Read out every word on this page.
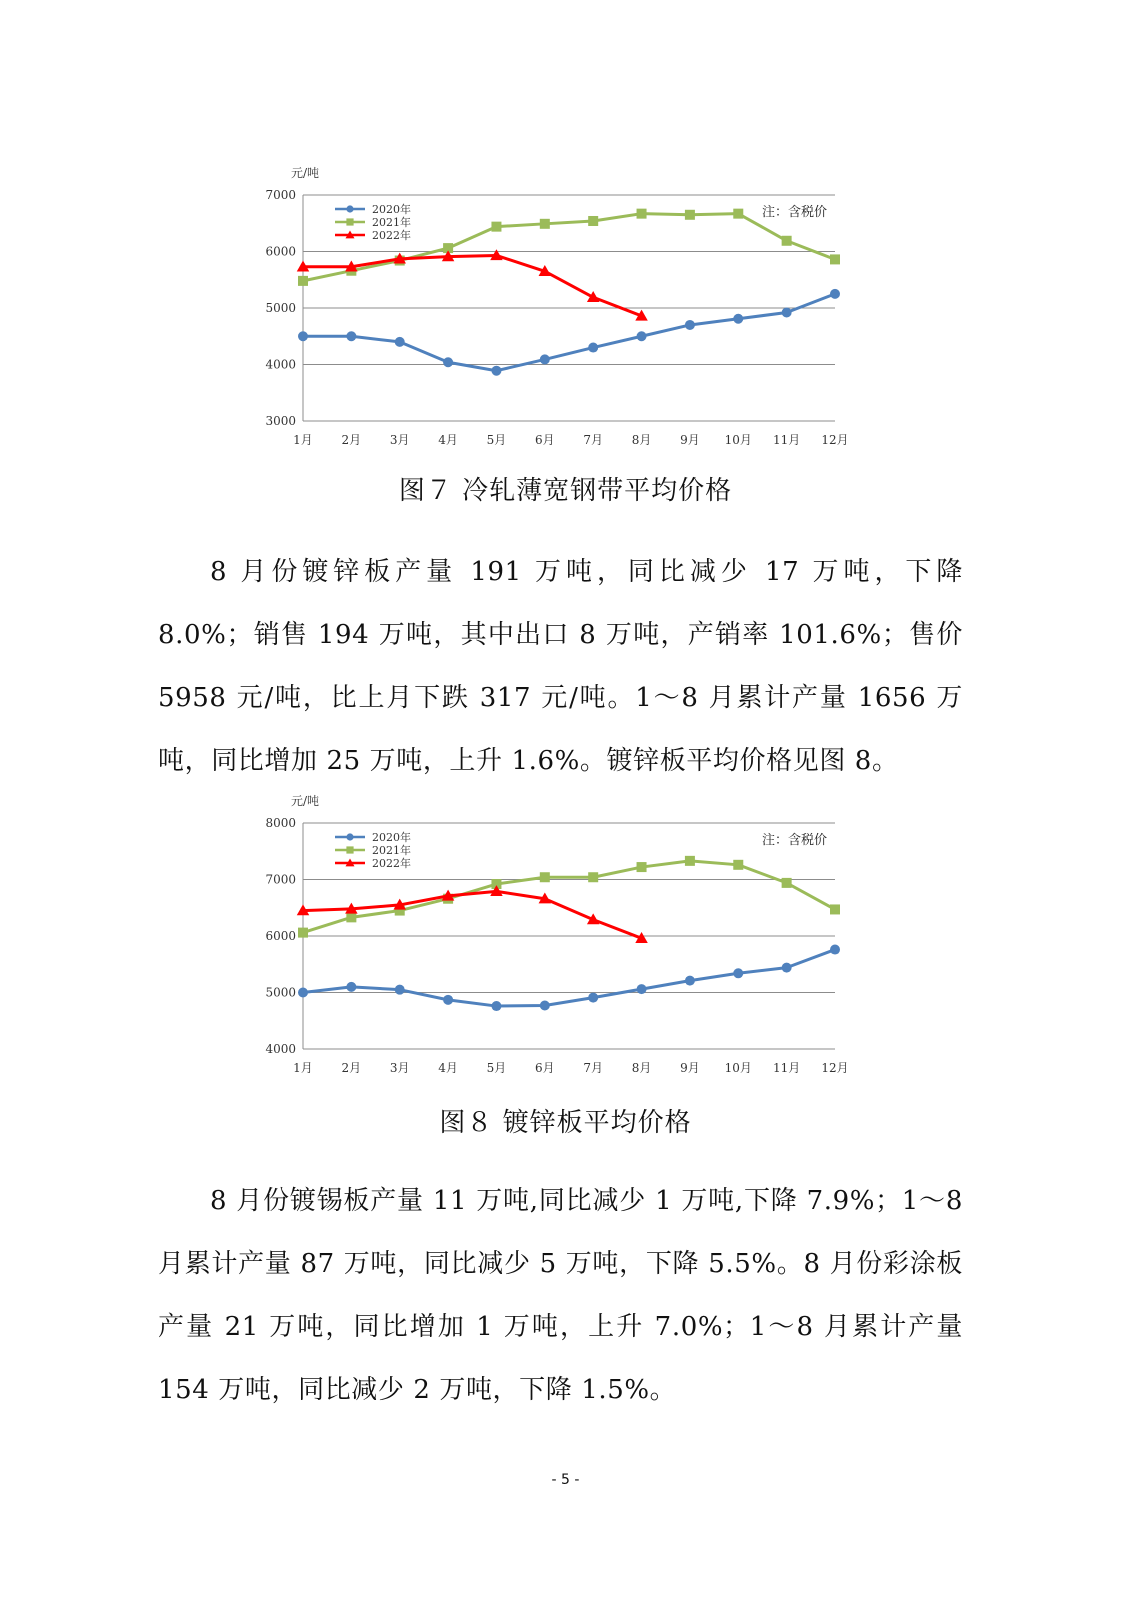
元/吨
3000
4000
5000
6000
7000
1月 2月 3月 4月 5月 6月 7月 8月 9月 10月 11月 12月
注：含税价
2020年
2021年
2022年
图７ 冷轧薄宽钢带平均价格

8 月份镀锌板产量 191 万吨，同比减少 17 万吨，下降 8.0%；销售 194 万吨，其中出口 8 万吨，产销率 101.6%；售价 5958 元/吨，比上月下跌 317 元/吨。1～8 月累计产量 1656 万吨，同比增加 25 万吨，上升 1.6%。镀锌板平均价格见图 8。

元/吨
4000
5000
6000
7000
8000
1月 2月 3月 4月 5月 6月 7月 8月 9月 10月 11月 12月
注：含税价
2020年
2021年
2022年
图８ 镀锌板平均价格

8 月份镀锡板产量 11 万吨,同比减少 1 万吨,下降 7.9%；1～8 月累计产量 87 万吨，同比减少 5 万吨，下降 5.5%。8 月份彩涂板产量 21 万吨，同比增加 1 万吨，上升 7.0%；1～8 月累计产量 154 万吨，同比减少 2 万吨，下降 1.5%。

- 5 -
